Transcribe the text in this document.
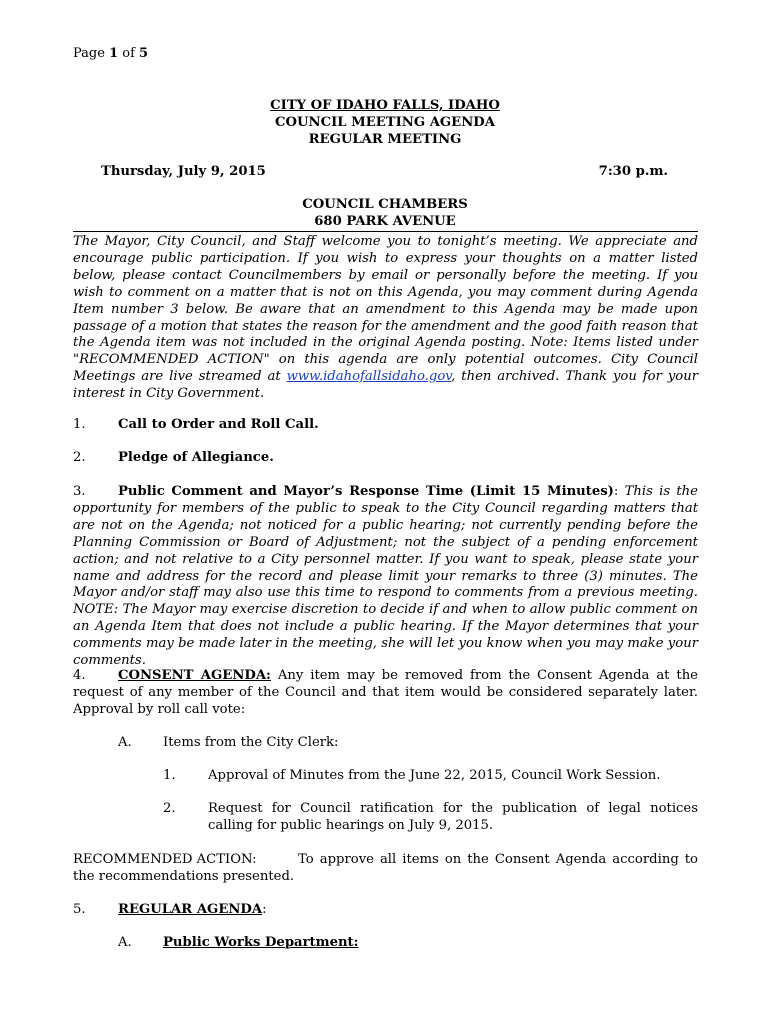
Page 1 of 5
CITY OF IDAHO FALLS, IDAHO
COUNCIL MEETING AGENDA
REGULAR MEETING
Thursday, July 9, 2015	7:30 p.m.
COUNCIL CHAMBERS
680 PARK AVENUE
The Mayor, City Council, and Staff welcome you to tonight’s meeting. We appreciate and encourage public participation. If you wish to express your thoughts on a matter listed below, please contact Councilmembers by email or personally before the meeting. If you wish to comment on a matter that is not on this Agenda, you may comment during Agenda Item number 3 below. Be aware that an amendment to this Agenda may be made upon passage of a motion that states the reason for the amendment and the good faith reason that the Agenda item was not included in the original Agenda posting. Note: Items listed under "RECOMMENDED ACTION" on this agenda are only potential outcomes. City Council Meetings are live streamed at www.idahofallsidaho.gov, then archived. Thank you for your interest in City Government.
1. Call to Order and Roll Call.
2. Pledge of Allegiance.
3. Public Comment and Mayor’s Response Time (Limit 15 Minutes): This is the opportunity for members of the public to speak to the City Council regarding matters that are not on the Agenda; not noticed for a public hearing; not currently pending before the Planning Commission or Board of Adjustment; not the subject of a pending enforcement action; and not relative to a City personnel matter. If you want to speak, please state your name and address for the record and please limit your remarks to three (3) minutes. The Mayor and/or staff may also use this time to respond to comments from a previous meeting. NOTE: The Mayor may exercise discretion to decide if and when to allow public comment on an Agenda Item that does not include a public hearing. If the Mayor determines that your comments may be made later in the meeting, she will let you know when you may make your comments.
4. CONSENT AGENDA: Any item may be removed from the Consent Agenda at the request of any member of the Council and that item would be considered separately later. Approval by roll call vote:
A. Items from the City Clerk:
1. Approval of Minutes from the June 22, 2015, Council Work Session.
2.	Request for Council ratification for the publication of legal notices calling for public hearings on July 9, 2015.
RECOMMENDED ACTION:	To approve all items on the Consent Agenda according to the recommendations presented.
5. REGULAR AGENDA:
A. Public Works Department:
